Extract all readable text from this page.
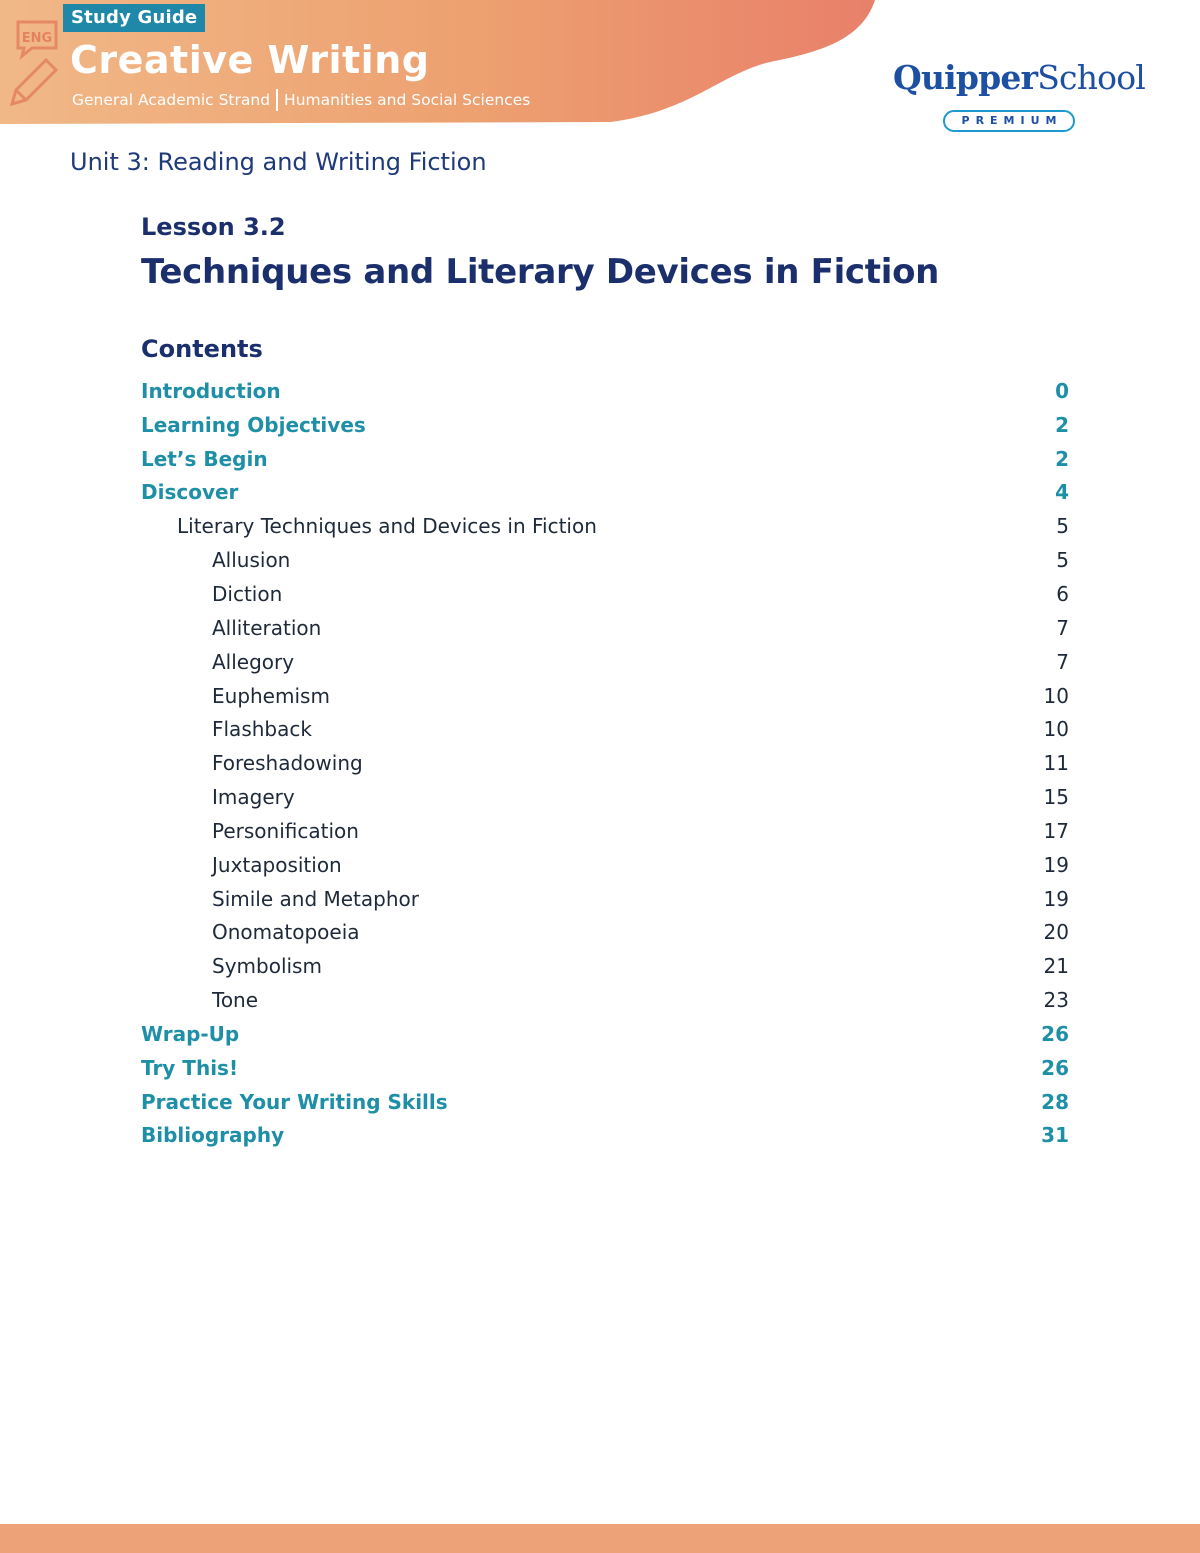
ENG
Study Guide
Creative Writing
General Academic Strand Humanities and Social Sciences
QuipperSchool
PREMIUM
Unit 3: Reading and Writing Fiction
Lesson 3.2
Techniques and Literary Devices in Fiction
Contents
Introduction	0
Learning Objectives	2
Let’s Begin	2
Discover	4
Literary Techniques and Devices in Fiction	5
Allusion	5
Diction	6
Alliteration	7
Allegory	7
Euphemism	10
Flashback	10
Foreshadowing	11
Imagery	15
Personification	17
Juxtaposition	19
Simile and Metaphor	19
Onomatopoeia	20
Symbolism	21
Tone	23
Wrap-Up	26
Try This!	26
Practice Your Writing Skills	28
Bibliography	31
